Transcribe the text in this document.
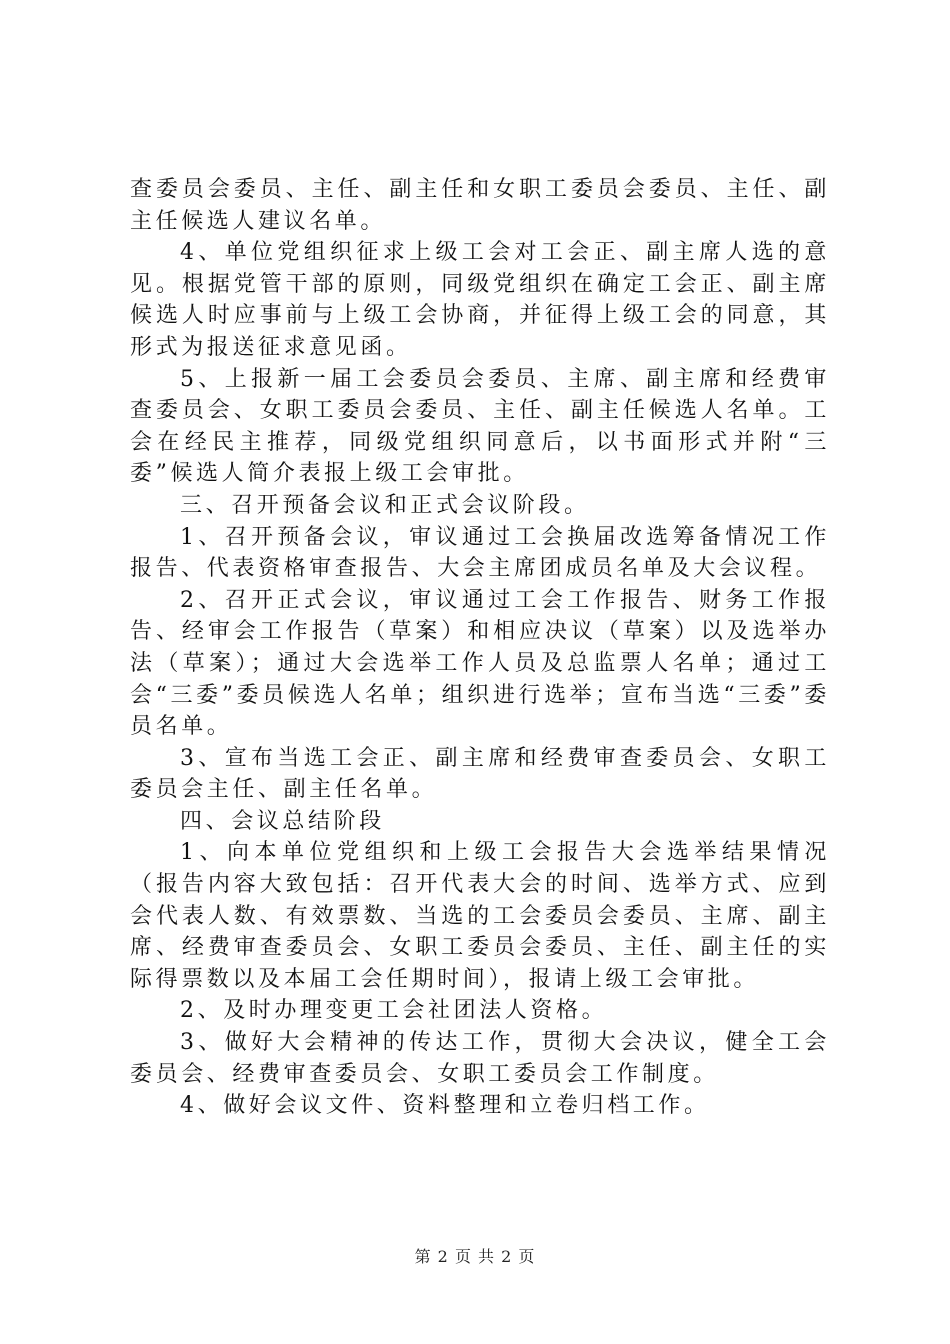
查委员会委员、主任、副主任和女职工委员会委员、主任、副主任候选人建议名单。

4、单位党组织征求上级工会对工会正、副主席人选的意见。根据党管干部的原则，同级党组织在确定工会正、副主席候选人时应事前与上级工会协商，并征得上级工会的同意，其形式为报送征求意见函。

5、上报新一届工会委员会委员、主席、副主席和经费审查委员会、女职工委员会委员、主任、副主任候选人名单。工会在经民主推荐，同级党组织同意后，以书面形式并附“三委”候选人简介表报上级工会审批。

三、召开预备会议和正式会议阶段。

1、召开预备会议，审议通过工会换届改选筹备情况工作报告、代表资格审查报告、大会主席团成员名单及大会议程。

2、召开正式会议，审议通过工会工作报告、财务工作报告、经审会工作报告（草案）和相应决议（草案）以及选举办法（草案）；通过大会选举工作人员及总监票人名单；通过工会“三委”委员候选人名单；组织进行选举；宣布当选“三委”委员名单。

3、宣布当选工会正、副主席和经费审查委员会、女职工委员会主任、副主任名单。

四、会议总结阶段

1、向本单位党组织和上级工会报告大会选举结果情况（报告内容大致包括：召开代表大会的时间、选举方式、应到会代表人数、有效票数、当选的工会委员会委员、主席、副主席、经费审查委员会、女职工委员会委员、主任、副主任的实际得票数以及本届工会任期时间），报请上级工会审批。

2、及时办理变更工会社团法人资格。

3、做好大会精神的传达工作，贯彻大会决议，健全工会委员会、经费审查委员会、女职工委员会工作制度。

4、做好会议文件、资料整理和立卷归档工作。

第 2 页 共 2 页
